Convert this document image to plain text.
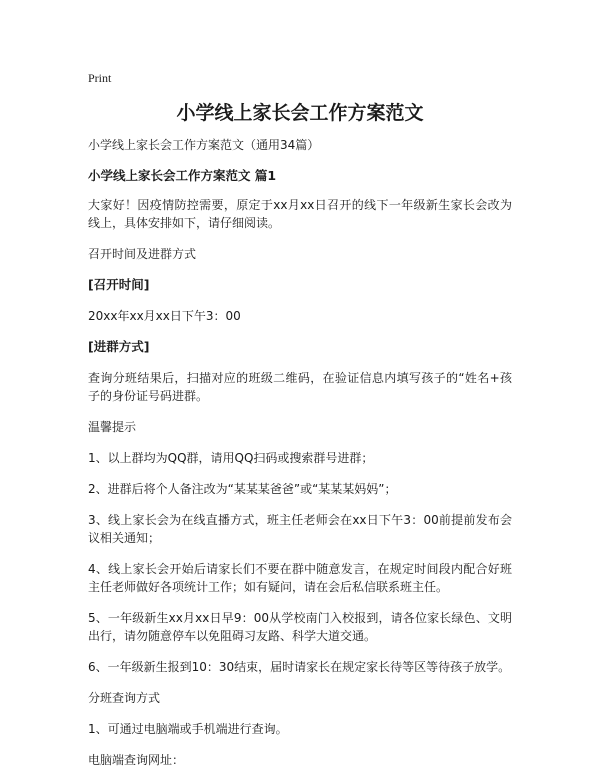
Print
小学线上家长会工作方案范文
小学线上家长会工作方案范文（通用34篇）
小学线上家长会工作方案范文 篇1
大家好！因疫情防控需要，原定于xx月xx日召开的线下一年级新生家长会改为线上，具体安排如下，请仔细阅读。
召开时间及进群方式
[召开时间]
20xx年xx月xx日下午3：00
[进群方式]
查询分班结果后，扫描对应的班级二维码，在验证信息内填写孩子的“姓名+孩子的身份证号码进群。
温馨提示
1、以上群均为QQ群，请用QQ扫码或搜索群号进群；
2、进群后将个人备注改为“某某某爸爸”或“某某某妈妈”；
3、线上家长会为在线直播方式，班主任老师会在xx日下午3：00前提前发布会议相关通知；
4、线上家长会开始后请家长们不要在群中随意发言，在规定时间段内配合好班主任老师做好各项统计工作；如有疑问，请在会后私信联系班主任。
5、一年级新生xx月xx日早9：00从学校南门入校报到，请各位家长绿色、文明出行，请勿随意停车以免阻碍习友路、科学大道交通。
6、一年级新生报到10：30结束，届时请家长在规定家长待等区等待孩子放学。
分班查询方式
1、可通过电脑端或手机端进行查询。
电脑端查询网址：
